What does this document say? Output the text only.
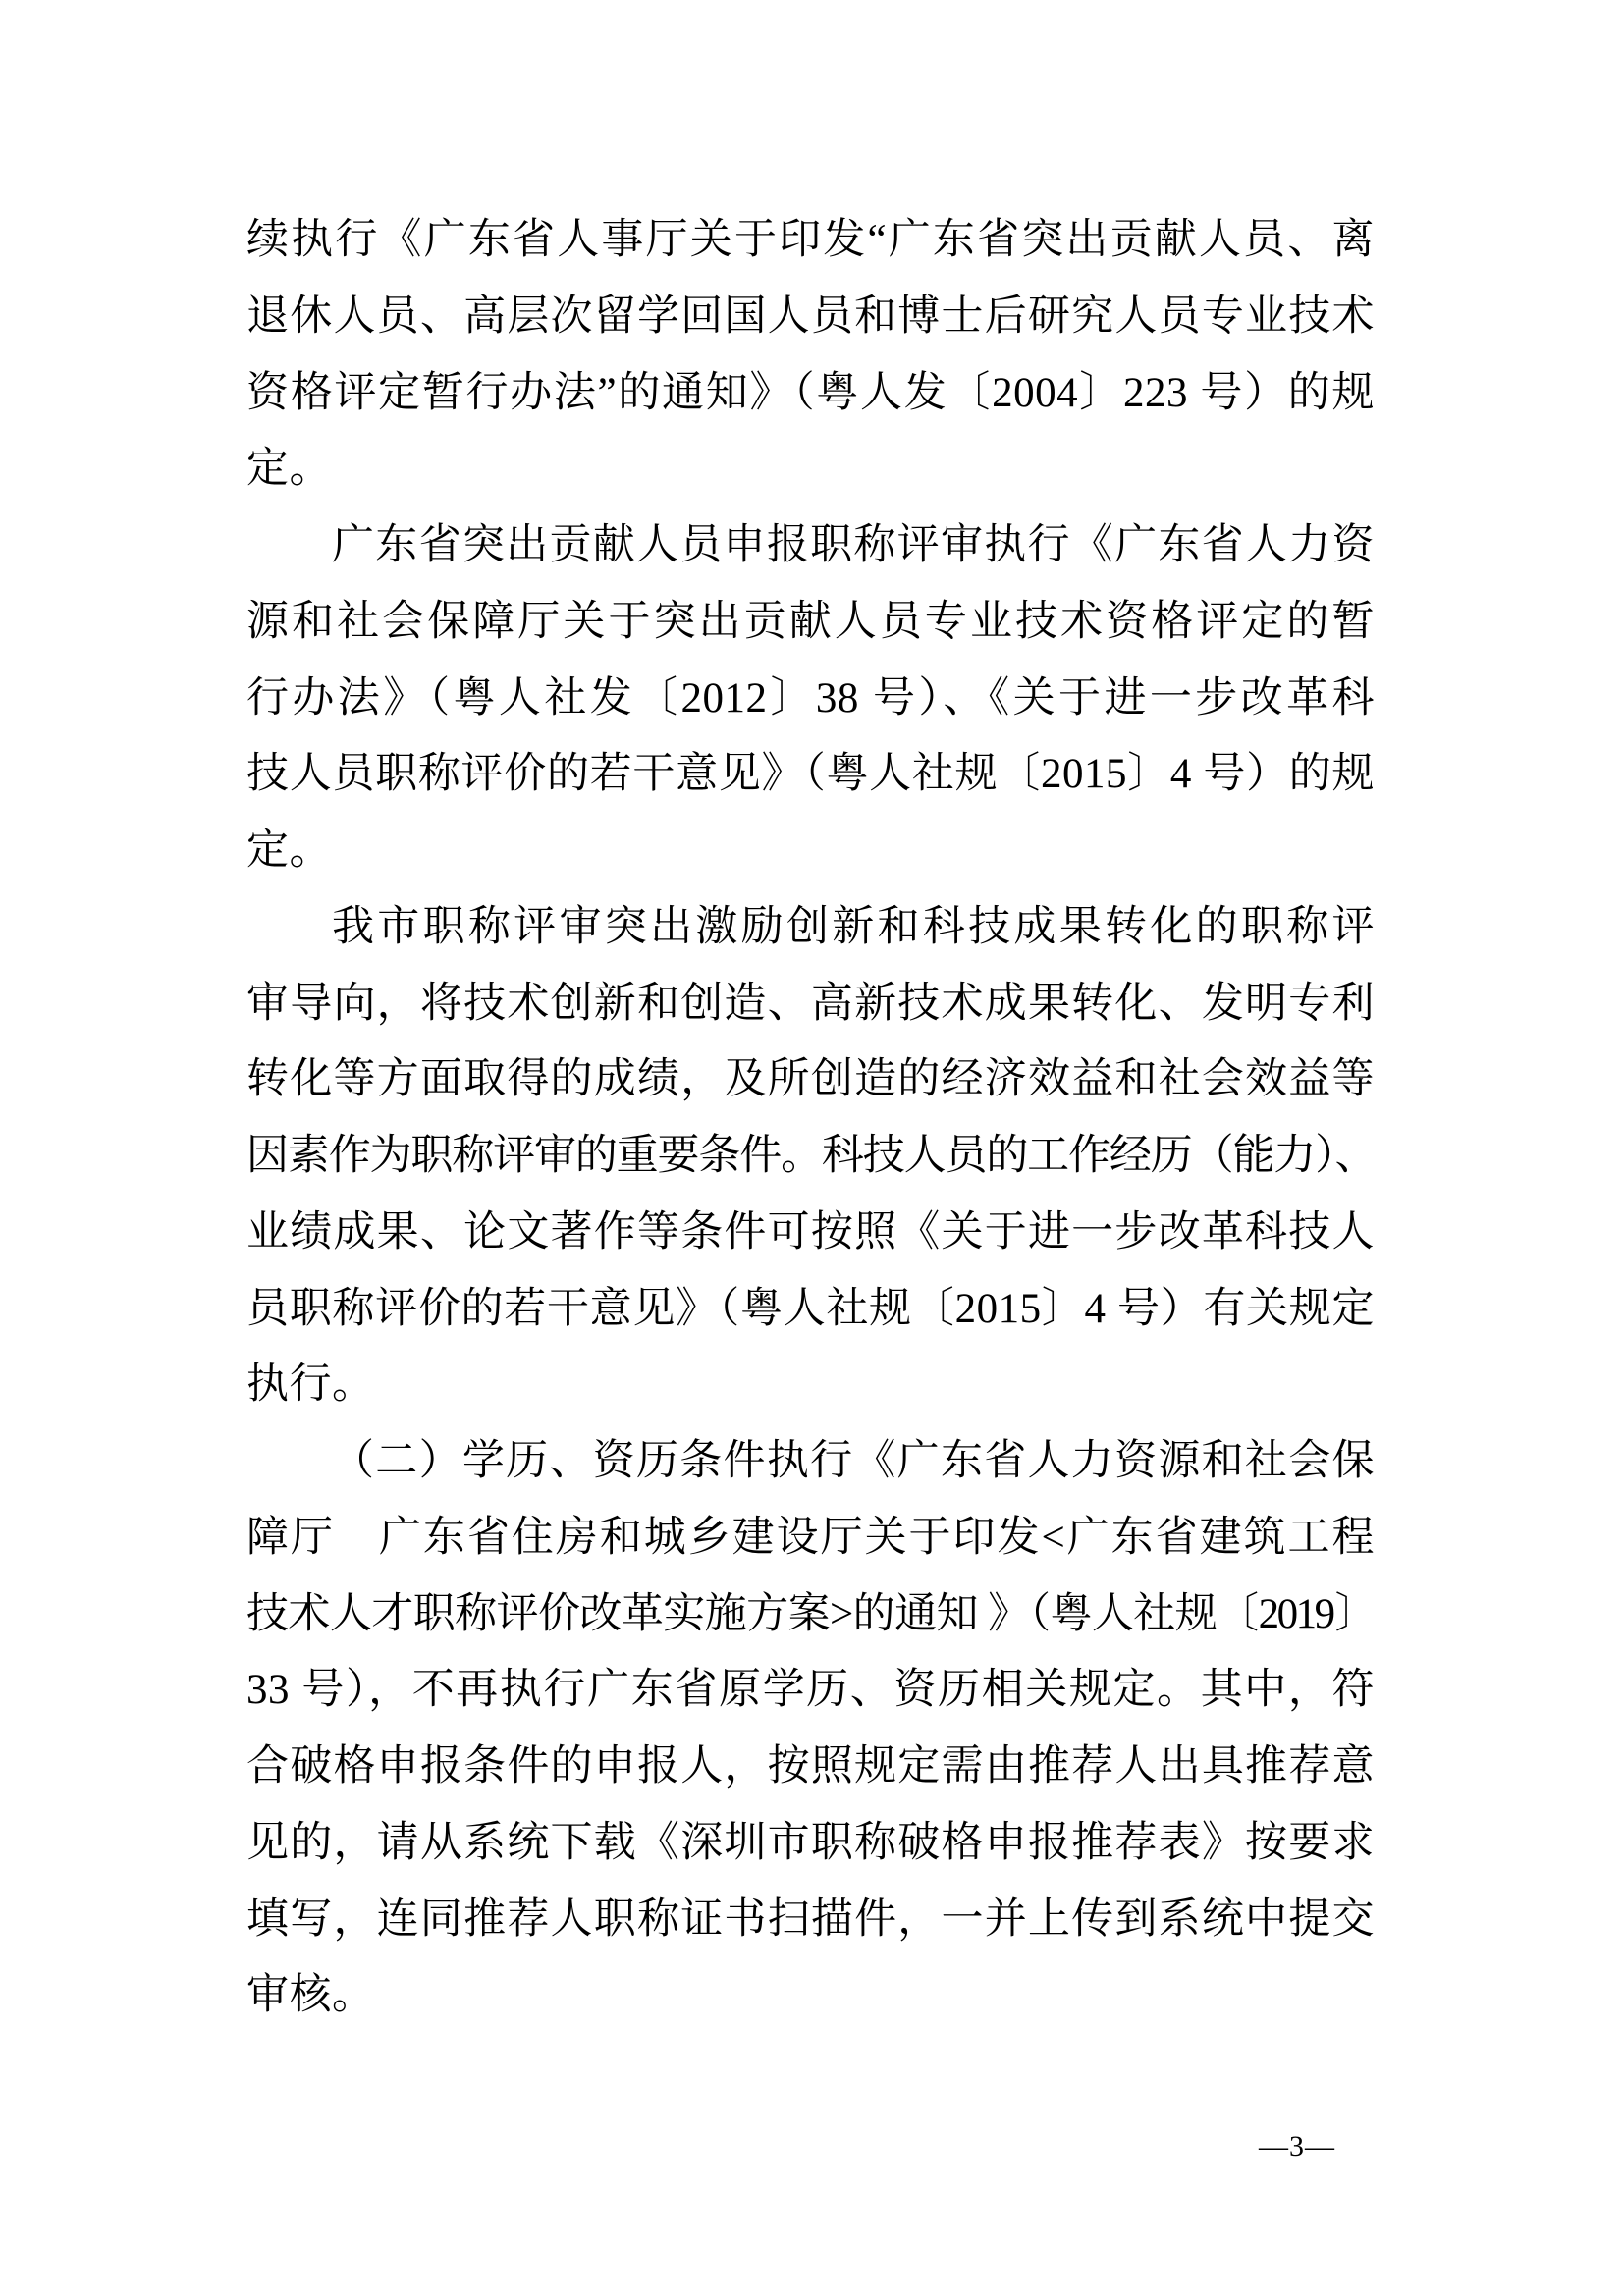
续执行《广东省人事厅关于印发“广东省突出贡献人员、离
退休人员、高层次留学回国人员和博士后研究人员专业技术
资格评定暂行办法”的通知》（粤人发〔2004〕223 号）的规
定。
广东省突出贡献人员申报职称评审执行《广东省人力资
源和社会保障厅关于突出贡献人员专业技术资格评定的暂
行办法》（粤人社发〔2012〕38 号）、《关于进一步改革科
技人员职称评价的若干意见》（粤人社规〔2015〕4 号）的规
定。
我市职称评审突出激励创新和科技成果转化的职称评
审导向，将技术创新和创造、高新技术成果转化、发明专利
转化等方面取得的成绩，及所创造的经济效益和社会效益等
因素作为职称评审的重要条件。科技人员的工作经历（能力）、
业绩成果、论文著作等条件可按照《关于进一步改革科技人
员职称评价的若干意见》（粤人社规〔2015〕4 号）有关规定
执行。
（二）学历、资历条件执行《广东省人力资源和社会保
障厅　广东省住房和城乡建设厅关于印发<广东省建筑工程
技术人才职称评价改革实施方案>的通知 》（粤人社规〔2019〕
33 号），不再执行广东省原学历、资历相关规定。其中，符
合破格申报条件的申报人，按照规定需由推荐人出具推荐意
见的，请从系统下载《深圳市职称破格申报推荐表》按要求
填写，连同推荐人职称证书扫描件，一并上传到系统中提交
审核。
—3—
